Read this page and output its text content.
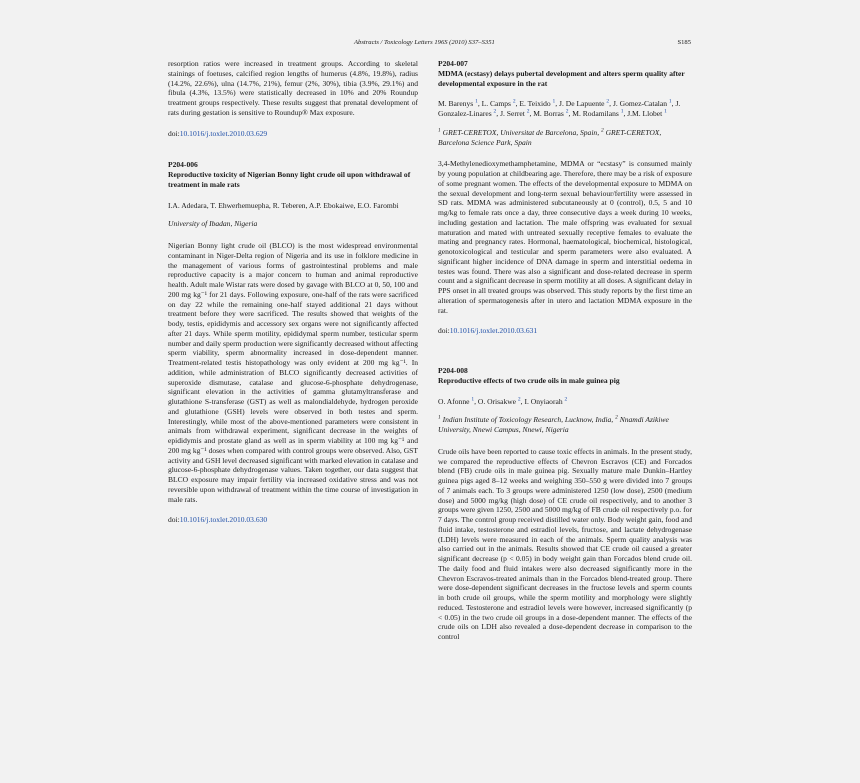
Abstracts / Toxicology Letters 196S (2010) S37–S351	S185

resorption ratios were increased in treatment groups. According to skeletal stainings of foetuses, calcified region lengths of humerus (4.8%, 19.8%), radius (14.2%, 22.6%), ulna (14.7%, 21%), femur (2%, 30%), tibia (3.9%, 29.1%) and fibula (4.3%, 13.5%) were statistically decreased in 10% and 20% Roundup treatment groups respectively. These results suggest that prenatal development of rats during gestation is sensitive to Roundup® Max exposure.

doi:10.1016/j.toxlet.2010.03.629

P204-006

Reproductive toxicity of Nigerian Bonny light crude oil upon withdrawal of treatment in male rats

I.A. Adedara, T. Ehwerhemuepha, R. Teberen, A.P. Ebokaiwe, E.O. Farombi

University of Ibadan, Nigeria

Nigerian Bonny light crude oil (BLCO) is the most widespread environmental contaminant in Niger-Delta region of Nigeria and its use in folklore medicine in the management of various forms of gastrointestinal problems and male reproductive capacity is a major concern to human and animal reproductive health. Adult male Wistar rats were dosed by gavage with BLCO at 0, 50, 100 and 200 mg kg⁻¹ for 21 days. Following exposure, one-half of the rats were sacrificed on day 22 while the remaining one-half stayed additional 21 days without treatment before they were sacrificed. The results showed that weights of the body, testis, epididymis and accessory sex organs were not significantly affected after 21 days. While sperm motility, epididymal sperm number, testicular sperm number and daily sperm production were significantly decreased without affecting sperm viability, sperm abnormality increased in dose-dependent manner. Treatment-related testis histopathology was only evident at 200 mg kg⁻¹. In addition, while administration of BLCO significantly decreased activities of superoxide dismutase, catalase and glucose-6-phosphate dehydrogenase, significant elevation in the activities of gamma glutamyltransferase and glutathione S-transferase (GST) as well as malondialdehyde, hydrogen peroxide and glutathione (GSH) levels were observed in both testes and sperm. Interestingly, while most of the above-mentioned parameters were consistent in animals from withdrawal experiment, significant decrease in the weights of epididymis and prostate gland as well as in sperm viability at 100 mg kg⁻¹ and 200 mg kg⁻¹ doses when compared with control groups were observed. Also, GST activity and GSH level decreased significant with marked elevation in catalase and glucose-6-phosphate dehydrogenase values. Taken together, our data suggest that BLCO exposure may impair fertility via increased oxidative stress and was not reversible upon withdrawal of treatment within the time course of investigation in male rats.

doi:10.1016/j.toxlet.2010.03.630

P204-007

MDMA (ecstasy) delays pubertal development and alters sperm quality after developmental exposure in the rat

M. Barenys $^1$, L. Camps $^2$, E. Teixido $^1$, J. De Lapuente $^2$, J. Gomez-Catalan $^1$, J. Gonzalez-Linares $^2$, J. Serret $^2$, M. Borras $^2$, M. Rodamilans $^1$, J.M. Llobet $^1$

$^1$ GRET-CERETOX, Universitat de Barcelona, Spain, $^2$ GRET-CERETOX, Barcelona Science Park, Spain

3,4-Methylenedioxymethamphetamine, MDMA or “ecstasy” is consumed mainly by young population at childbearing age. Therefore, there may be a risk of exposure of some pregnant women. The effects of the developmental exposure to MDMA on the sexual development and long-term sexual behaviour/fertility were assessed in SD rats. MDMA was administered subcutaneously at 0 (control), 0.5, 5 and 10 mg/kg to female rats once a day, three consecutive days a week during 10 weeks, including gestation and lactation. The male offspring was evaluated for sexual maturation and mated with untreated sexually receptive females to evaluate the mating and pregnancy rates. Hormonal, haematological, biochemical, histological, genotoxicological and testicular and sperm parameters were also evaluated. A significant higher incidence of DNA damage in sperm and interstitial oedema in testes was found. There was also a significant and dose-related decrease in sperm count and a significant decrease in sperm motility at all doses. A significant delay in PPS onset in all treated groups was observed. This study reports by the first time an alteration of spermatogenesis after in utero and lactation MDMA exposure in the rat.

doi:10.1016/j.toxlet.2010.03.631

P204-008

Reproductive effects of two crude oils in male guinea pig

O. Afonne $^1$, O. Orisakwe $^2$, I. Onyiaorah $^2$

$^1$ Indian Institute of Toxicology Research, Lucknow, India, $^2$ Nnamdi Azikiwe University, Nnewi Campus, Nnewi, Nigeria

Crude oils have been reported to cause toxic effects in animals. In the present study, we compared the reproductive effects of Chevron Escravos (CE) and Forcados blend (FB) crude oils in male guinea pig. Sexually mature male Dunkin–Hartley guinea pigs aged 8–12 weeks and weighing 350–550 g were divided into 7 groups of 7 animals each. To 3 groups were administered 1250 (low dose), 2500 (medium dose) and 5000 mg/kg (high dose) of CE crude oil respectively, and to another 3 groups were given 1250, 2500 and 5000 mg/kg of FB crude oil respectively p.o. for 7 days. The control group received distilled water only. Body weight gain, food and fluid intake, testosterone and estradiol levels, fructose, and lactate dehydrogenase (LDH) levels were measured in each of the animals. Sperm quality analysis was also carried out in the animals. Results showed that CE crude oil caused a greater significant decrease (p < 0.05) in body weight gain than Forcados blend crude oil. The daily food and fluid intakes were also decreased significantly more in the Chevron Escravos-treated animals than in the Forcados blend-treated group. There were dose-dependent significant decreases in the fructose levels and sperm counts in both crude oil groups, while the sperm motility and morphology were slightly reduced. Testosterone and estradiol levels were however, increased significantly (p < 0.05) in the two crude oil groups in a dose-dependent manner. The effects of the crude oils on LDH also revealed a dose-dependent decrease in comparison to the control
